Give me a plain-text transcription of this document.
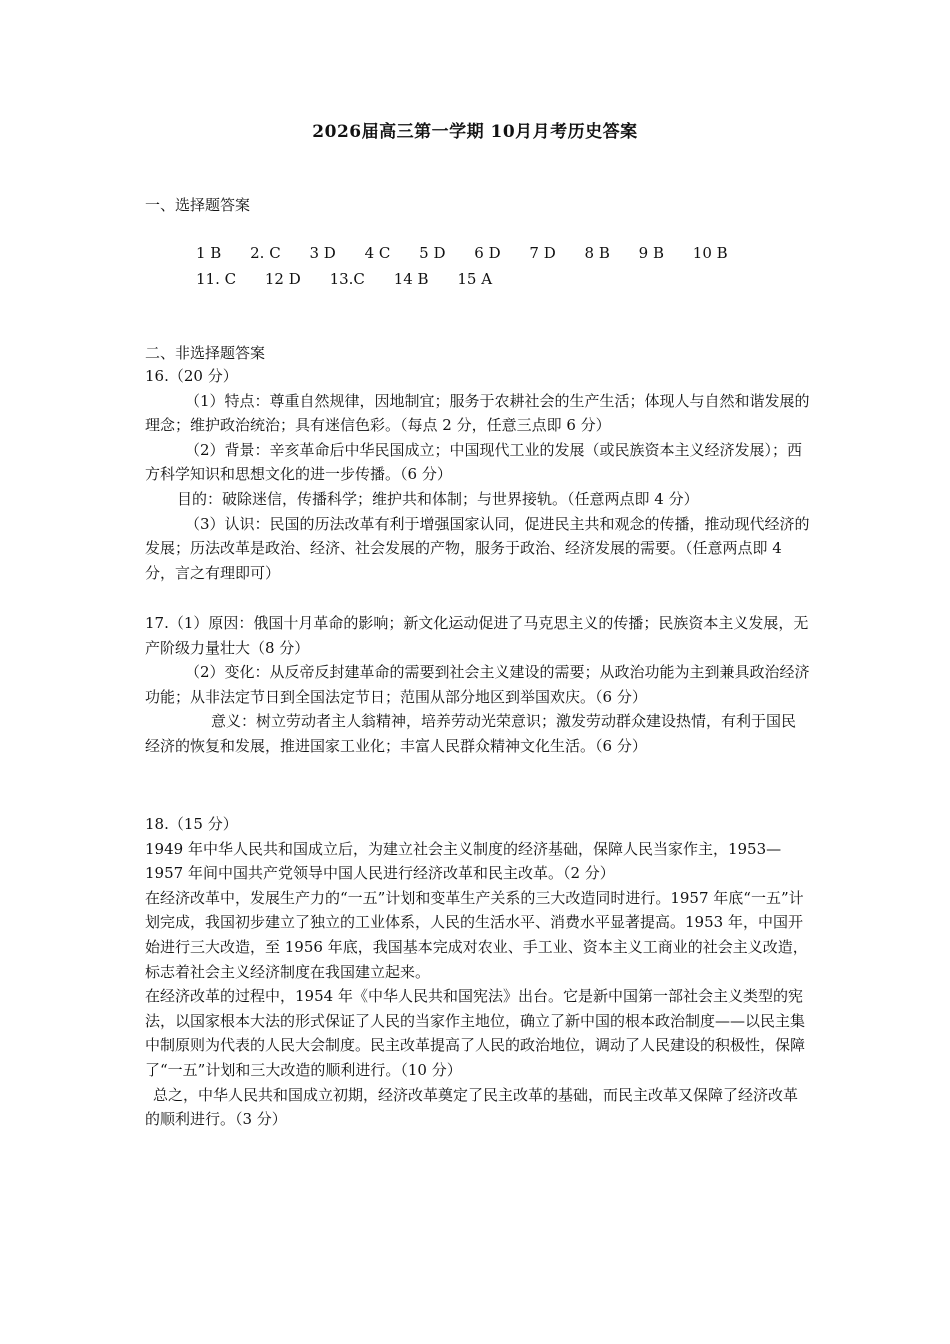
2026届高三第一学期 10月月考历史答案
一、选择题答案
1 B 2. C 3 D 4 C 5 D 6 D 7 D 8 B 9 B 10 B
11. C 12 D 13.C 14 B 15 A
二、非选择题答案

16.（20 分）

（1）特点：尊重自然规律，因地制宜；服务于农耕社会的生产生活；体现人与自然和谐发展的理念；维护政治统治；具有迷信色彩。（每点 2 分，任意三点即 6 分）

（2）背景：辛亥革命后中华民国成立；中国现代工业的发展（或民族资本主义经济发展）；西方科学知识和思想文化的进一步传播。（6 分）

目的：破除迷信，传播科学；维护共和体制；与世界接轨。（任意两点即 4 分）

（3）认识：民国的历法改革有利于增强国家认同，促进民主共和观念的传播，推动现代经济的发展；历法改革是政治、经济、社会发展的产物，服务于政治、经济发展的需要。（任意两点即 4 分，言之有理即可）

17.（1）原因：俄国十月革命的影响；新文化运动促进了马克思主义的传播；民族资本主义发展，无产阶级力量壮大（8 分）

（2）变化：从反帝反封建革命的需要到社会主义建设的需要；从政治功能为主到兼具政治经济功能；从非法定节日到全国法定节日；范围从部分地区到举国欢庆。（6 分）

意义：树立劳动者主人翁精神，培养劳动光荣意识；激发劳动群众建设热情，有利于国民经济的恢复和发展，推进国家工业化；丰富人民群众精神文化生活。（6 分）

18.（15 分）

1949 年中华人民共和国成立后，为建立社会主义制度的经济基础，保障人民当家作主，1953—1957 年间中国共产党领导中国人民进行经济改革和民主改革。（2 分）

在经济改革中，发展生产力的“一五”计划和变革生产关系的三大改造同时进行。1957 年底“一五”计划完成，我国初步建立了独立的工业体系，人民的生活水平、消费水平显著提高。1953 年，中国开始进行三大改造，至 1956 年底，我国基本完成对农业、手工业、资本主义工商业的社会主义改造，标志着社会主义经济制度在我国建立起来。

在经济改革的过程中，1954 年《中华人民共和国宪法》出台。它是新中国第一部社会主义类型的宪法，以国家根本大法的形式保证了人民的当家作主地位，确立了新中国的根本政治制度——以民主集中制原则为代表的人民大会制度。民主改革提高了人民的政治地位，调动了人民建设的积极性，保障了“一五”计划和三大改造的顺利进行。（10 分）

总之，中华人民共和国成立初期，经济改革奠定了民主改革的基础，而民主改革又保障了经济改革的顺利进行。（3 分）
